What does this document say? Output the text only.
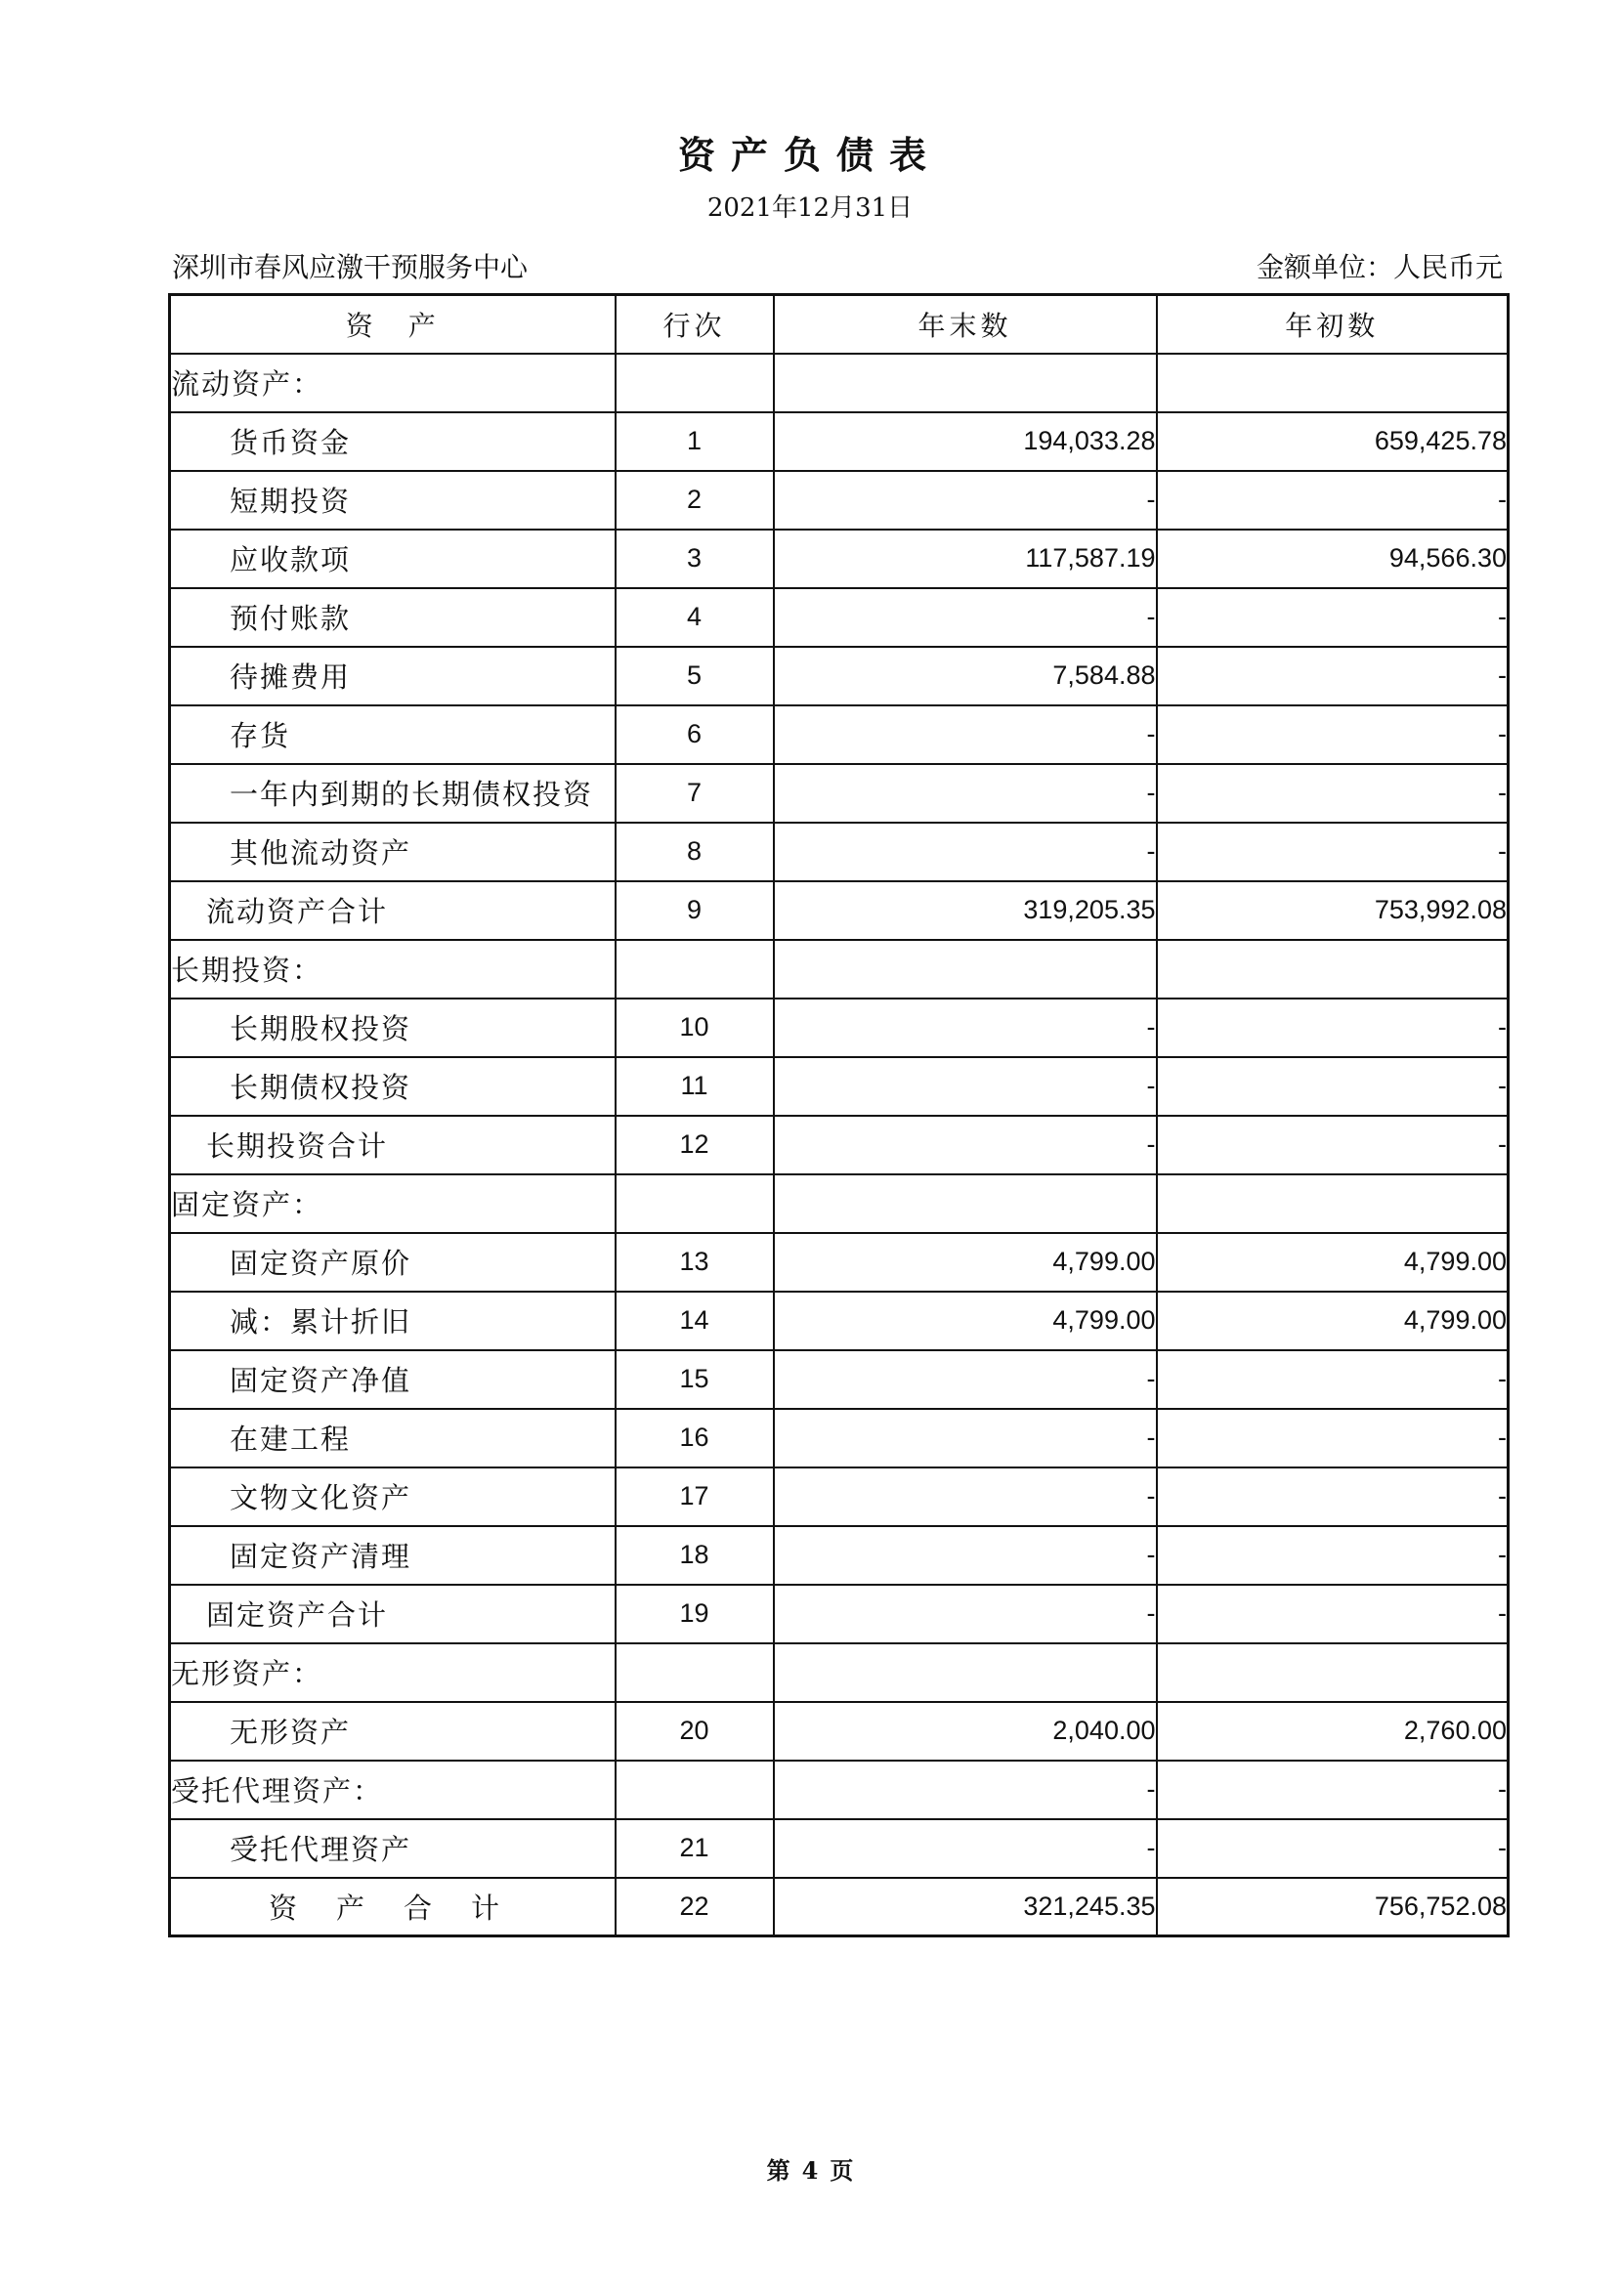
资产负债表
2021年12月31日
深圳市春风应激干预服务中心	金额单位：人民币元
资　产	行次	年末数	年初数
流动资产：			
货币资金	1	194,033.28	659,425.78
短期投资	2	-	-
应收款项	3	117,587.19	94,566.30
预付账款	4	-	-
待摊费用	5	7,584.88	-
存货	6	-	-
一年内到期的长期债权投资	7	-	-
其他流动资产	8	-	-
流动资产合计	9	319,205.35	753,992.08
长期投资：			
长期股权投资	10	-	-
长期债权投资	11	-	-
长期投资合计	12	-	-
固定资产：			
固定资产原价	13	4,799.00	4,799.00
减：累计折旧	14	4,799.00	4,799.00
固定资产净值	15	-	-
在建工程	16	-	-
文物文化资产	17	-	-
固定资产清理	18	-	-
固定资产合计	19	-	-
无形资产：			
无形资产	20	2,040.00	2,760.00
受托代理资产：		-	-
受托代理资产	21	-	-
资产合计	22	321,245.35	756,752.08
第 4 页
